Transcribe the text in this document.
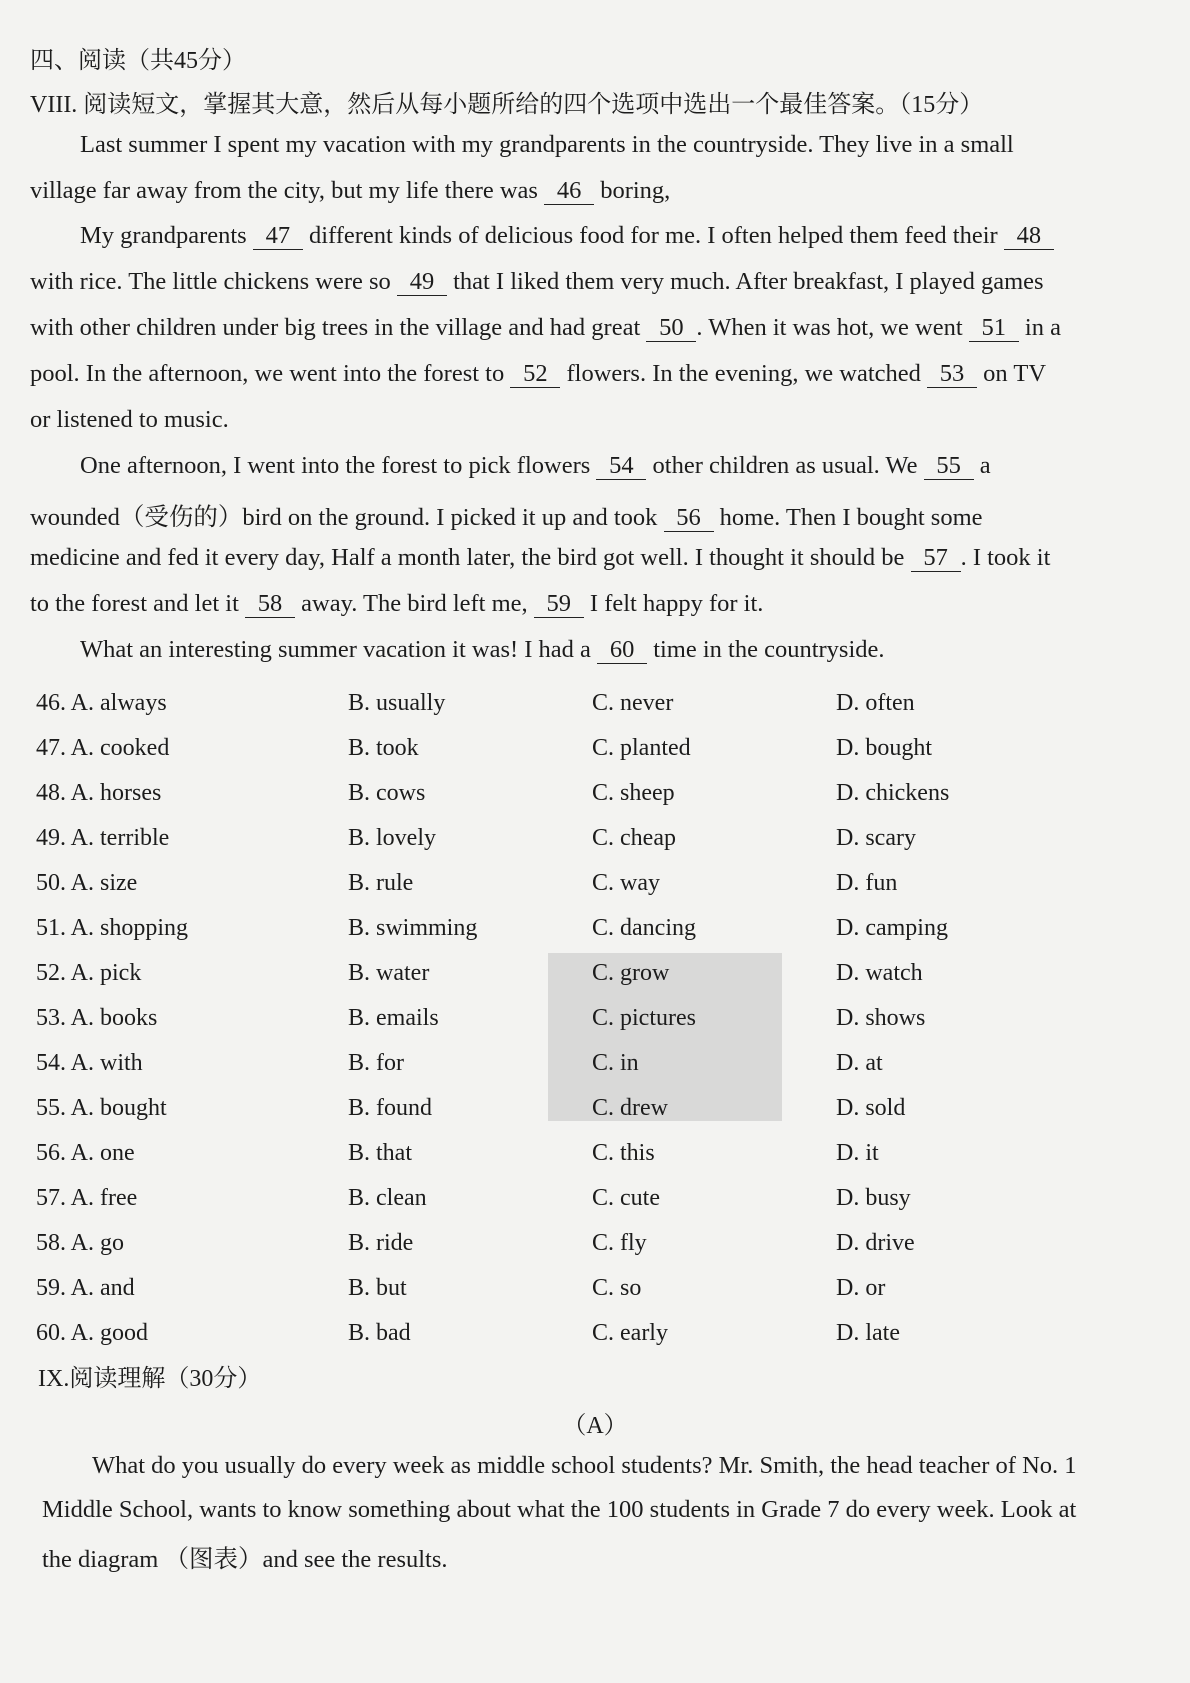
四、阅读（共45分）
VIII. 阅读短文，掌握其大意，然后从每小题所给的四个选项中选出一个最佳答案。（15分）
Last summer I spent my vacation with my grandparents in the countryside. They live in a small
village far away from the city, but my life there was 46 boring,
My grandparents 47 different kinds of delicious food for me. I often helped them feed their 48
with rice. The little chickens were so 49 that I liked them very much. After breakfast, I played games
with other children under big trees in the village and had great 50 . When it was hot, we went 51 in a
pool. In the afternoon, we went into the forest to 52 flowers. In the evening, we watched 53 on TV
or listened to music.
One afternoon, I went into the forest to pick flowers 54 other children as usual. We 55 a
wounded（受伤的）bird on the ground. I picked it up and took 56 home. Then I bought some
medicine and fed it every day, Half a month later, the bird got well. I thought it should be 57 . I took it
to the forest and let it 58 away. The bird left me, 59 I felt happy for it.
What an interesting summer vacation it was! I had a 60 time in the countryside.
46. A. always	B. usually	C. never	D. often
47. A. cooked	B. took	C. planted	D. bought
48. A. horses	B. cows	C. sheep	D. chickens
49. A. terrible	B. lovely	C. cheap	D. scary
50. A. size	B. rule	C. way	D. fun
51. A. shopping	B. swimming	C. dancing	D. camping
52. A. pick	B. water	C. grow	D. watch
53. A. books	B. emails	C. pictures	D. shows
54. A. with	B. for	C. in	D. at
55. A. bought	B. found	C. drew	D. sold
56. A. one	B. that	C. this	D. it
57. A. free	B. clean	C. cute	D. busy
58. A. go	B. ride	C. fly	D. drive
59. A. and	B. but	C. so	D. or
60. A. good	B. bad	C. early	D. late
IX.阅读理解（30分）
（A）
What do you usually do every week as middle school students? Mr. Smith, the head teacher of No. 1
Middle School, wants to know something about what the 100 students in Grade 7 do every week. Look at
the diagram （图表）and see the results.
